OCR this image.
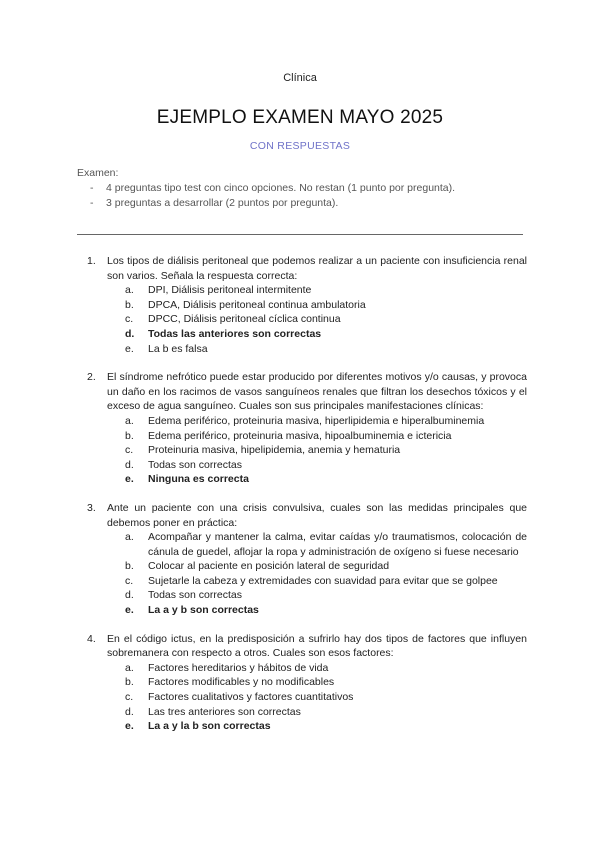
Clínica
EJEMPLO EXAMEN MAYO 2025
CON RESPUESTAS
Examen:
- 4 preguntas tipo test con cinco opciones. No restan (1 punto por pregunta).
- 3 preguntas a desarrollar (2 puntos por pregunta).
1.	Los tipos de diálisis peritoneal que podemos realizar a un paciente con insuficiencia renal son varios. Señala la respuesta correcta:
a.	DPI, Diálisis peritoneal intermitente
b.	DPCA, Diálisis peritoneal continua ambulatoria
c.	DPCC, Diálisis peritoneal cíclica continua
d.	Todas las anteriores son correctas
e.	La b es falsa
2.	El síndrome nefrótico puede estar producido por diferentes motivos y/o causas, y provoca un daño en los racimos de vasos sanguíneos renales que filtran los desechos tóxicos y el exceso de agua sanguíneo. Cuales son sus principales manifestaciones clínicas:
a.	Edema periférico, proteinuria masiva, hiperlipidemia e hiperalbuminemia
b.	Edema periférico, proteinuria masiva, hipoalbuminemia e ictericia
c.	Proteinuria masiva, hipelipidemia, anemia y hematuria
d.	Todas son correctas
e.	Ninguna es correcta
3.	Ante un paciente con una crisis convulsiva, cuales son las medidas principales que debemos poner en práctica:
a.	Acompañar y mantener la calma, evitar caídas y/o traumatismos, colocación de cánula de guedel, aflojar la ropa y administración de oxígeno si fuese necesario
b.	Colocar al paciente en posición lateral de seguridad
c.	Sujetarle la cabeza y extremidades con suavidad para evitar que se golpee
d.	Todas son correctas
e.	La a y b son correctas
4.	En el código ictus, en la predisposición a sufrirlo hay dos tipos de factores que influyen sobremanera con respecto a otros. Cuales son esos factores:
a.	Factores hereditarios y hábitos de vida
b.	Factores modificables y no modificables
c.	Factores cualitativos y factores cuantitativos
d.	Las tres anteriores son correctas
e.	La a y la b son correctas
